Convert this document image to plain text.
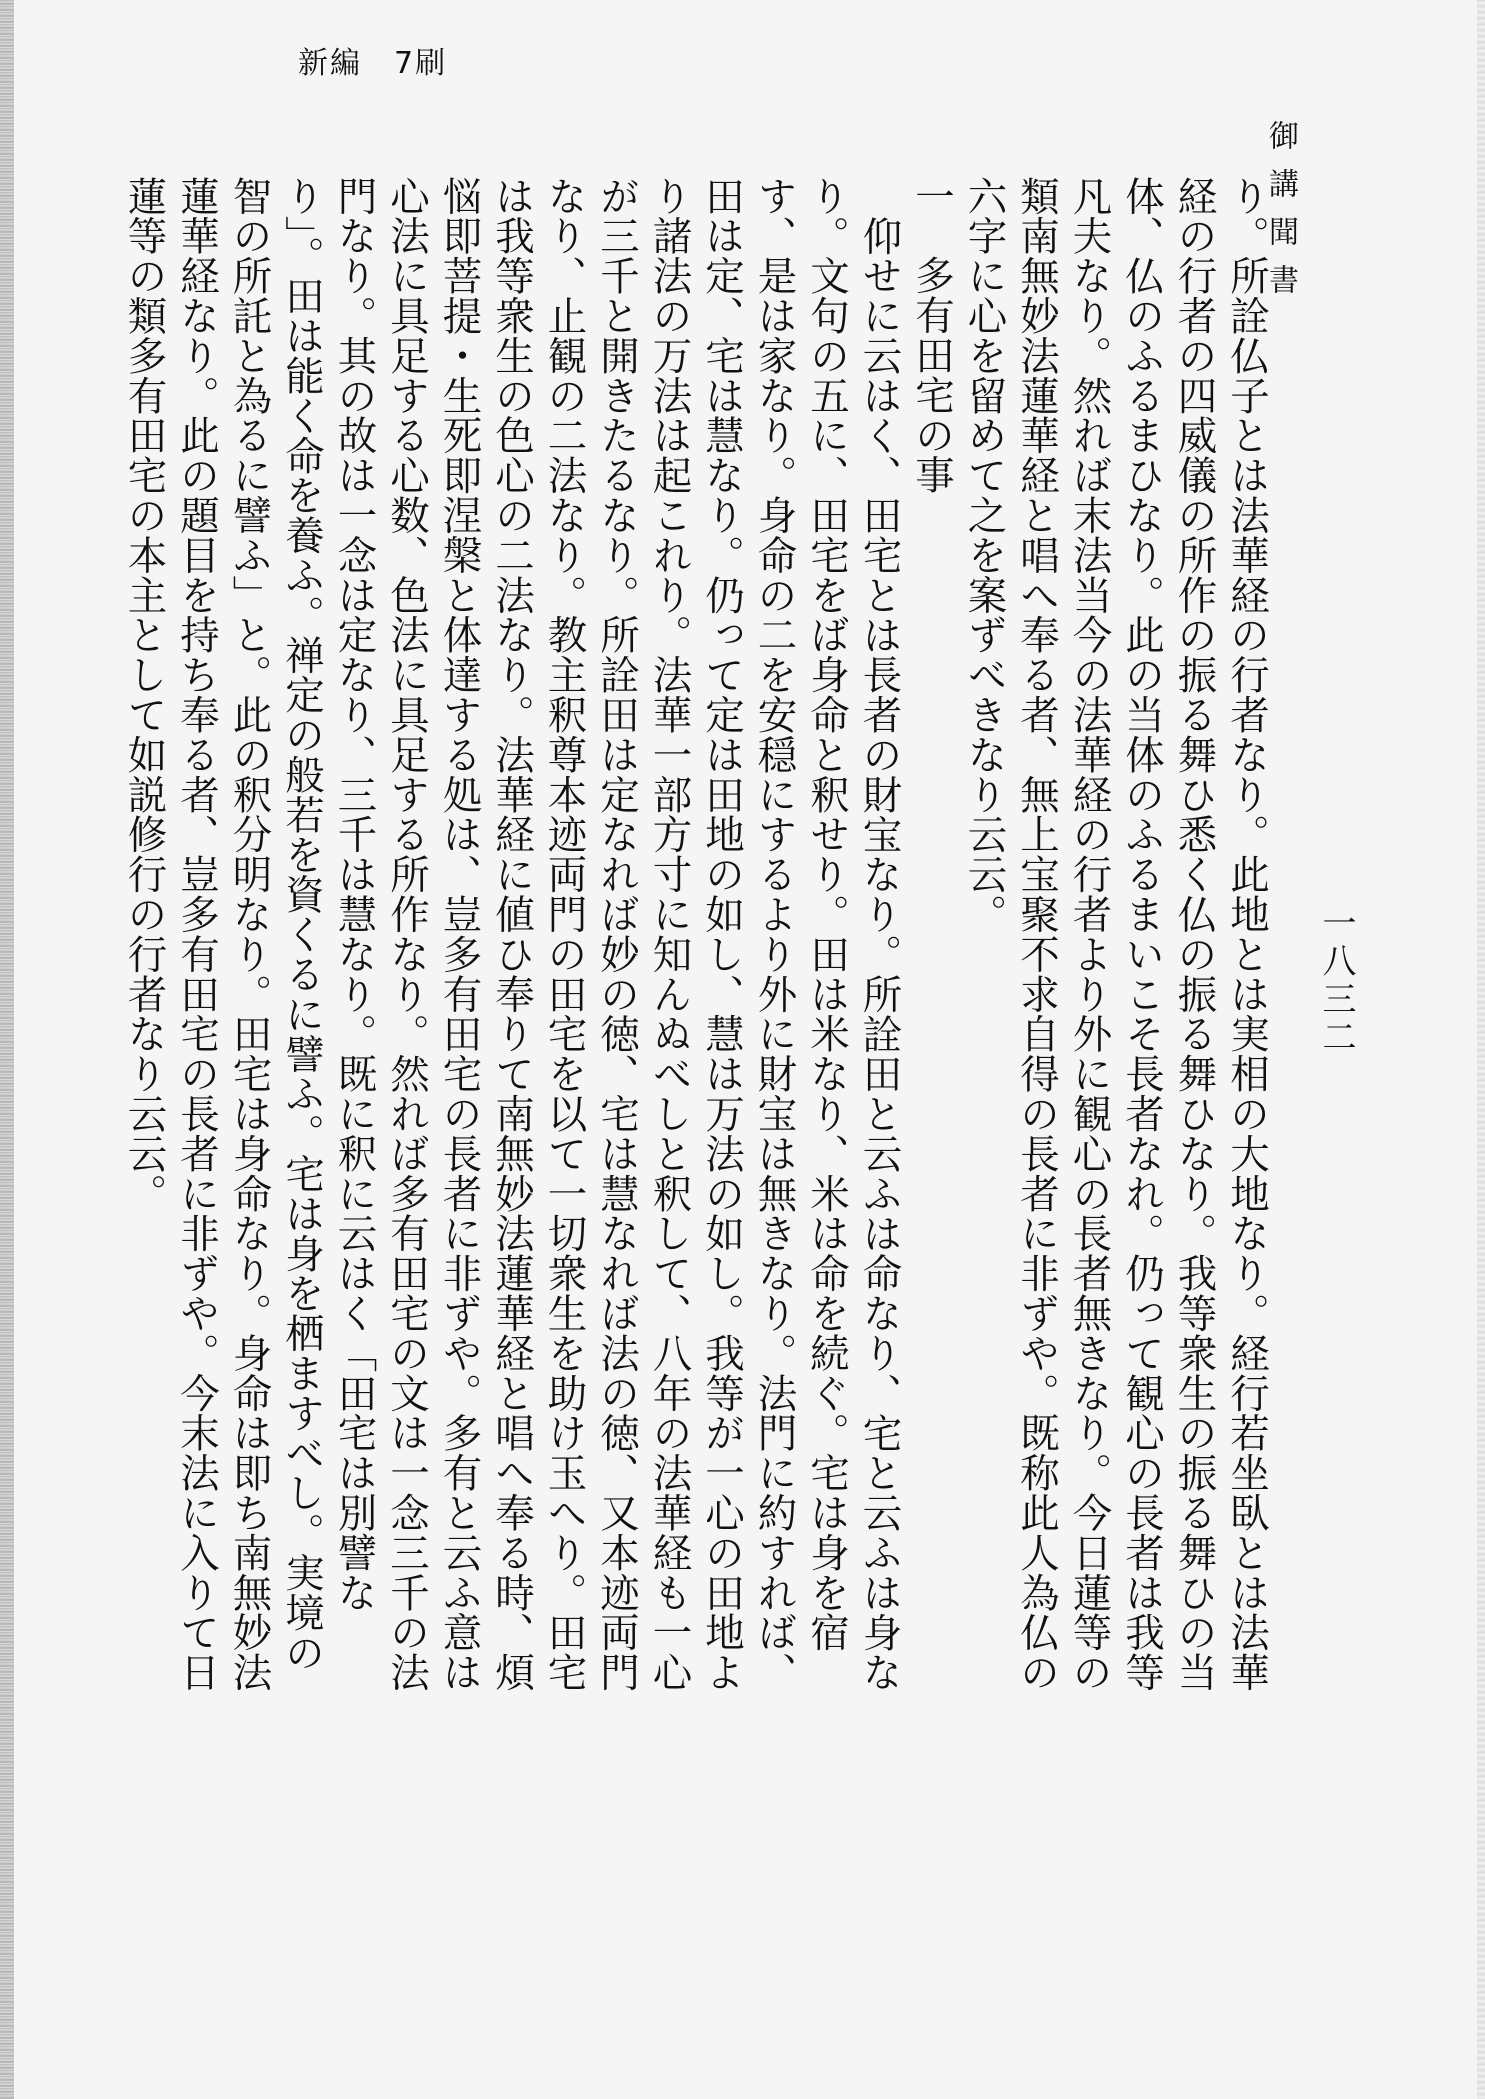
新編　7刷
御講聞書
一八三二

り。所詮仏子とは法華経の行者なり。此地とは実相の大地なり。経行若坐臥とは法華経の行者の四威儀の所作の振る舞ひ悉く仏の振る舞ひなり。我等衆生の振る舞ひの当体、仏のふるまひなり。此の当体のふるまいこそ長者なれ。仍って観心の長者は我等凡夫なり。然れば末法当今の法華経の行者より外に観心の長者無きなり。今日蓮等の類南無妙法蓮華経と唱へ奉る者、無上宝聚不求自得の長者に非ずや。既称此人為仏の六字に心を留めて之を案ずべきなり云云。

一多有田宅の事

仰せに云はく、田宅とは長者の財宝なり。所詮田と云ふは命なり、宅と云ふは身なり。文句の五に、田宅をば身命と釈せり。田は米なり、米は命を続ぐ。宅は身を宿す、是は家なり。身命の二を安穏にするより外に財宝は無きなり。法門に約すれば、田は定、宅は慧なり。仍って定は田地の如し、慧は万法の如し。我等が一心の田地より諸法の万法は起これり。法華一部方寸に知んぬべしと釈して、八年の法華経も一心が三千と開きたるなり。所詮田は定なれば妙の徳、宅は慧なれば法の徳、又本迹両門なり、止観の二法なり。教主釈尊本迹両門の田宅を以て一切衆生を助け玉へり。田宅は我等衆生の色心の二法なり。法華経に値ひ奉りて南無妙法蓮華経と唱へ奉る時、煩悩即菩提・生死即涅槃と体達する処は、豈多有田宅の長者に非ずや。多有と云ふ意は心法に具足する心数、色法に具足する所作なり。然れば多有田宅の文は一念三千の法門なり。其の故は一念は定なり、三千は慧なり。既に釈に云はく「田宅は別譬なり」。田は能く命を養ふ。禅定の般若を資くるに譬ふ。宅は身を栖ますべし。実境の智の所託と為るに譬ふ」と。此の釈分明なり。田宅は身命なり。身命は即ち南無妙法蓮華経なり。此の題目を持ち奉る者、豈多有田宅の長者に非ずや。今末法に入りて日蓮等の類多有田宅の本主として如説修行の行者なり云云。
